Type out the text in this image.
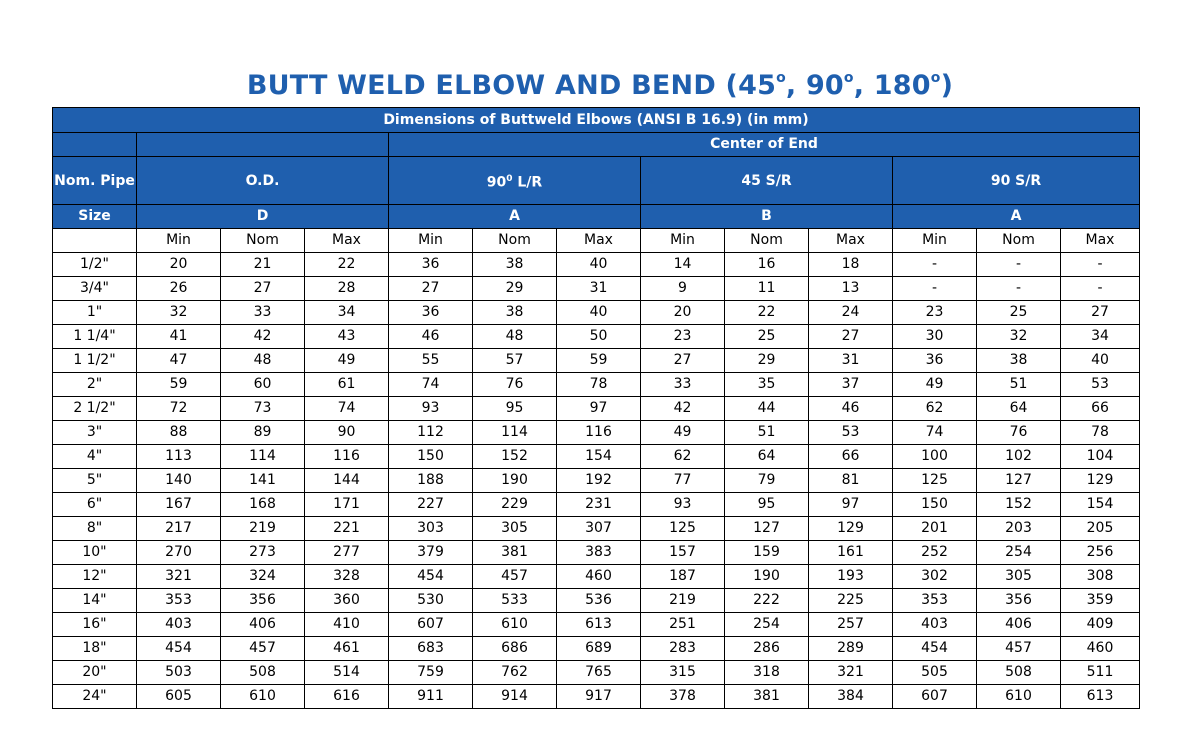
BUTT WELD ELBOW AND BEND (45$^o$, 90$^o$, 180$^o$)
Dimensions of Buttweld Elbows (ANSI B 16.9) (in mm)												
				Center of End								
Nom. Pipe	O.D.			$90^0$ L/R			45 S/R			90 S/R		
Size	D			A			B			A		
	Min	Nom	Max	Min	Nom	Max	Min	Nom	Max	Min	Nom	Max
1/2"	20	21	22	36	38	40	14	16	18	-	-	-
3/4"	26	27	28	27	29	31	9	11	13	-	-	-
1"	32	33	34	36	38	40	20	22	24	23	25	27
1 1/4"	41	42	43	46	48	50	23	25	27	30	32	34
1 1/2"	47	48	49	55	57	59	27	29	31	36	38	40
2"	59	60	61	74	76	78	33	35	37	49	51	53
2 1/2"	72	73	74	93	95	97	42	44	46	62	64	66
3"	88	89	90	112	114	116	49	51	53	74	76	78
4"	113	114	116	150	152	154	62	64	66	100	102	104
5"	140	141	144	188	190	192	77	79	81	125	127	129
6"	167	168	171	227	229	231	93	95	97	150	152	154
8"	217	219	221	303	305	307	125	127	129	201	203	205
10"	270	273	277	379	381	383	157	159	161	252	254	256
12"	321	324	328	454	457	460	187	190	193	302	305	308
14"	353	356	360	530	533	536	219	222	225	353	356	359
16"	403	406	410	607	610	613	251	254	257	403	406	409
18"	454	457	461	683	686	689	283	286	289	454	457	460
20"	503	508	514	759	762	765	315	318	321	505	508	511
24"	605	610	616	911	914	917	378	381	384	607	610	613
